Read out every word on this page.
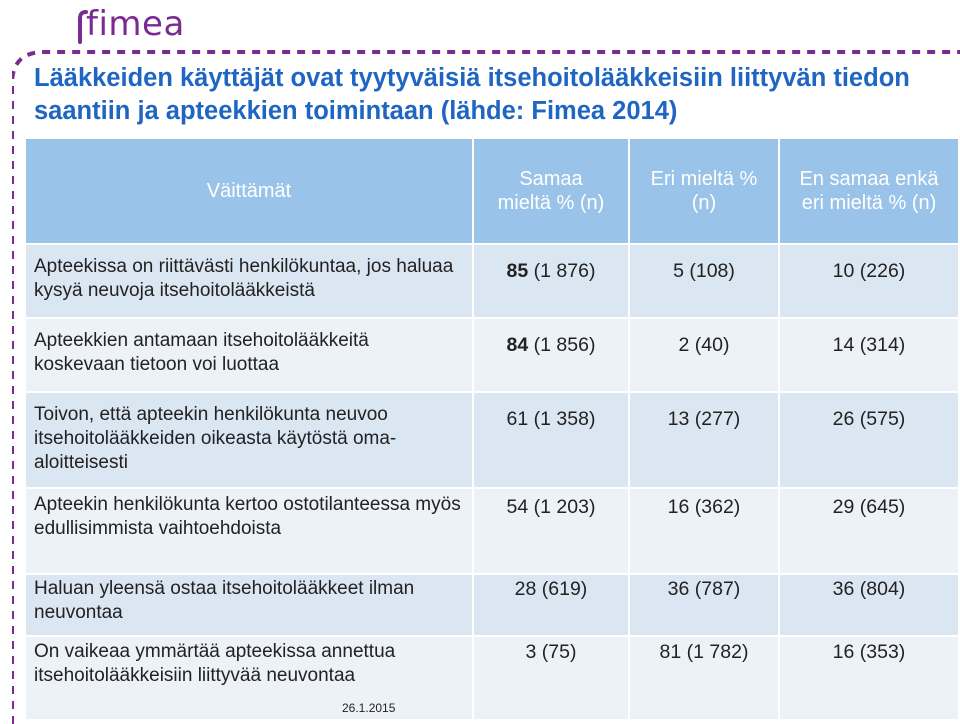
fimea
Lääkkeiden käyttäjät ovat tyytyväisiä itsehoitolääkkeisiin liittyvän tiedon saantiin ja apteekkien toimintaan (lähde: Fimea 2014)
Väittämät	Samaa mieltä % (n)	Eri mieltä % (n)	En samaa enkä eri mieltä % (n)
Apteekissa on riittävästi henkilökuntaa, jos haluaa kysyä neuvoja itsehoitolääkkeistä	85 (1 876)	5 (108)	10 (226)
Apteekkien antamaan itsehoitolääkkeitä koskevaan tietoon voi luottaa	84 (1 856)	2 (40)	14 (314)
Toivon, että apteekin henkilökunta neuvoo itsehoitolääkkeiden oikeasta käytöstä oma-aloitteisesti	61 (1 358)	13 (277)	26 (575)
Apteekin henkilökunta kertoo ostotilanteessa myös edullisimmista vaihtoehdoista	54 (1 203)	16 (362)	29 (645)
Haluan yleensä ostaa itsehoitolääkkeet ilman neuvontaa	28 (619)	36 (787)	36 (804)
On vaikeaa ymmärtää apteekissa annettua itsehoitolääkkeisiin liittyvää neuvontaa	3 (75)	81 (1 782)	16 (353)
26.1.2015
